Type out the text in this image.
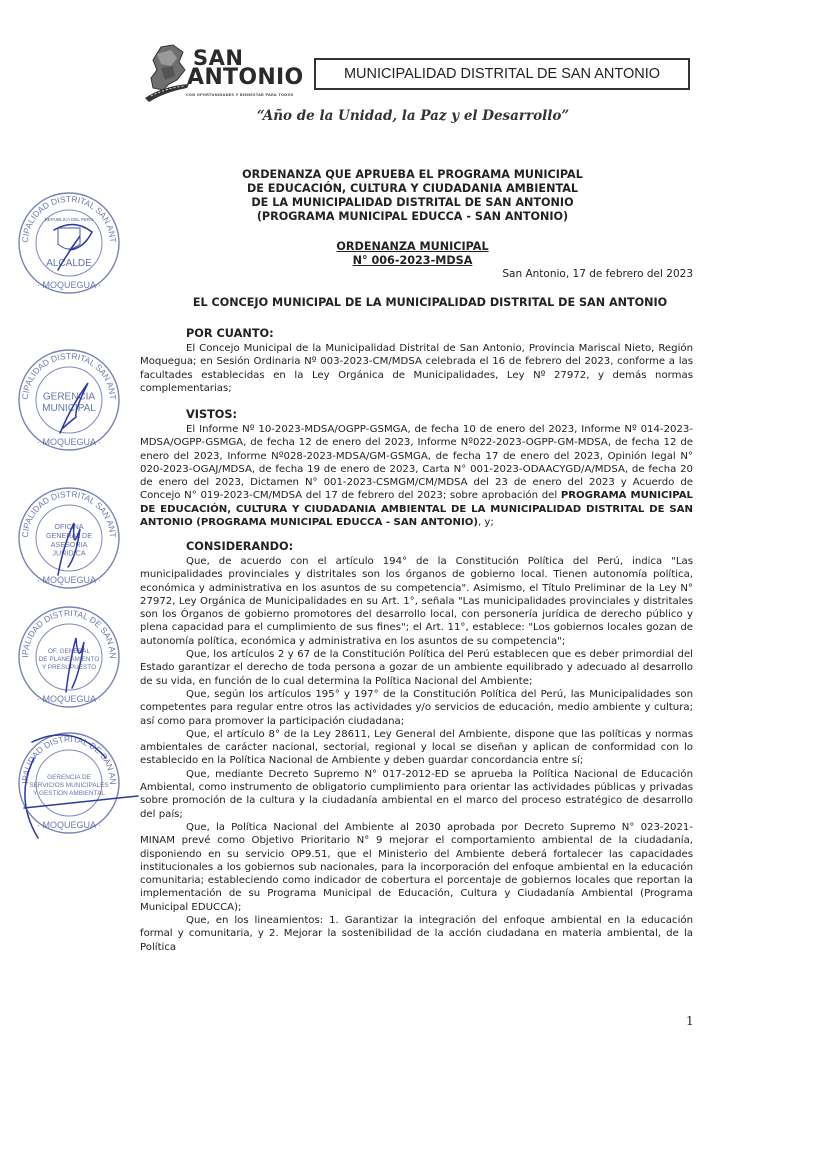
SAN
ANTONIO
CON OPORTUNIDADES Y BIENESTAR PARA TODOS
MUNICIPALIDAD DISTRITAL DE SAN ANTONIO
“Año de la Unidad, la Paz y el Desarrollo”
ORDENANZA QUE APRUEBA EL PROGRAMA MUNICIPAL
DE EDUCACIÓN, CULTURA Y CIUDADANIA AMBIENTAL
DE LA MUNICIPALIDAD DISTRITAL DE SAN ANTONIO
(PROGRAMA MUNICIPAL EDUCCA - SAN ANTONIO)
ORDENANZA MUNICIPAL
N° 006-2023-MDSA
San Antonio, 17 de febrero del 2023
EL CONCEJO MUNICIPAL DE LA MUNICIPALIDAD DISTRITAL DE SAN ANTONIO
POR CUANTO:

El Concejo Municipal de la Municipalidad Distrital de San Antonio, Provincia Mariscal Nieto, Región Moquegua; en Sesión Ordinaria Nº 003-2023-CM/MDSA celebrada el 16 de febrero del 2023, conforme a las facultades establecidas en la Ley Orgánica de Municipalidades, Ley Nº 27972, y demás normas complementarias;

VISTOS:

El Informe Nº 10-2023-MDSA/OGPP-GSMGA, de fecha 10 de enero del 2023, Informe Nº 014-2023-MDSA/OGPP-GSMGA, de fecha 12 de enero del 2023, Informe Nº022-2023-OGPP-GM-MDSA, de fecha 12 de enero del 2023, Informe Nº028-2023-MDSA/GM-GSMGA, de fecha 17 de enero del 2023, Opinión legal N° 020-2023-OGAJ/MDSA, de fecha 19 de enero de 2023, Carta N° 001-2023-ODAACYGD/A/MDSA, de fecha 20 de enero del 2023, Dictamen N° 001-2023-CSMGM/CM/MDSA del 23 de enero del 2023 y Acuerdo de Concejo N° 019-2023-CM/MDSA del 17 de febrero del 2023; sobre aprobación del PROGRAMA MUNICIPAL DE EDUCACIÓN, CULTURA Y CIUDADANIA AMBIENTAL DE LA MUNICIPALIDAD DISTRITAL DE SAN ANTONIO (PROGRAMA MUNICIPAL EDUCCA - SAN ANTONIO), y;

CONSIDERANDO:

Que, de acuerdo con el artículo 194° de la Constitución Política del Perú, indica "Las municipalidades provinciales y distritales son los órganos de gobierno local. Tienen autonomía política, económica y administrativa en los asuntos de su competencia". Asimismo, el Título Preliminar de la Ley N° 27972, Ley Orgánica de Municipalidades en su Art. 1°, señala "Las municipalidades provinciales y distritales son los Órganos de gobierno promotores del desarrollo local, con personería jurídica de derecho público y plena capacidad para el cumplimiento de sus fines"; el Art. 11°, establece: "Los gobiernos locales gozan de autonomía política, económica y administrativa en los asuntos de su competencia";

Que, los artículos 2 y 67 de la Constitución Política del Perú establecen que es deber primordial del Estado garantizar el derecho de toda persona a gozar de un ambiente equilibrado y adecuado al desarrollo de su vida, en función de lo cual determina la Política Nacional del Ambiente;

Que, según los artículos 195° y 197° de la Constitución Política del Perú, las Municipalidades son competentes para regular entre otros las actividades y/o servicios de educación, medio ambiente y cultura; así como para promover la participación ciudadana;

Que, el artículo 8° de la Ley 28611, Ley General del Ambiente, dispone que las políticas y normas ambientales de carácter nacional, sectorial, regional y local se diseñan y aplican de conformidad con lo establecido en la Política Nacional de Ambiente y deben guardar concordancia entre sí;

Que, mediante Decreto Supremo N° 017-2012-ED se aprueba la Política Nacional de Educación Ambiental, como instrumento de obligatorio cumplimiento para orientar las actividades públicas y privadas sobre promoción de la cultura y la ciudadanía ambiental en el marco del proceso estratégico de desarrollo del país;

Que, la Política Nacional del Ambiente al 2030 aprobada por Decreto Supremo N° 023-2021- MINAM prevé como Objetivo Prioritario N° 9 mejorar el comportamiento ambiental de la ciudadanía, disponiendo en su servicio OP9.51, que el Ministerio del Ambiente deberá fortalecer las capacidades institucionales a los gobiernos sub nacionales, para la incorporación del enfoque ambiental en la educación comunitaria; estableciendo como indicador de cobertura el porcentaje de gobiernos locales que reportan la implementación de su Programa Municipal de Educación, Cultura y Ciudadanía Ambiental (Programa Municipal EDUCCA);

Que, en los lineamientos: 1. Garantizar la integración del enfoque ambiental en la educación formal y comunitaria, y 2. Mejorar la sostenibilidad de la acción ciudadana en materia ambiental, de la Política

1
MUNICIPALIDAD DISTRITAL SAN ANTONIO
· MOQUEGUA ·
REPUBLICA DEL PERU
ALCALDE
MUNICIPALIDAD DISTRITAL SAN ANTONIO
· MOQUEGUA ·
GERENCIA
MUNICIPAL
MUNICIPALIDAD DISTRITAL SAN ANTONIO
· MOQUEGUA ·
OFICINA
GENERAL DE
ASESORIA
JURIDICA
MUNICIPALIDAD DISTRITAL DE SAN ANTONIO
· MOQUEGUA ·
OF. GENERAL
DE PLANEAMIENTO
Y PRESUPUESTO
MUNICIPALIDAD DISTRITAL DE SAN ANTONIO
· MOQUEGUA ·
GERENCIA DE
SERVICIOS MUNICIPALES
Y GESTION AMBIENTAL
